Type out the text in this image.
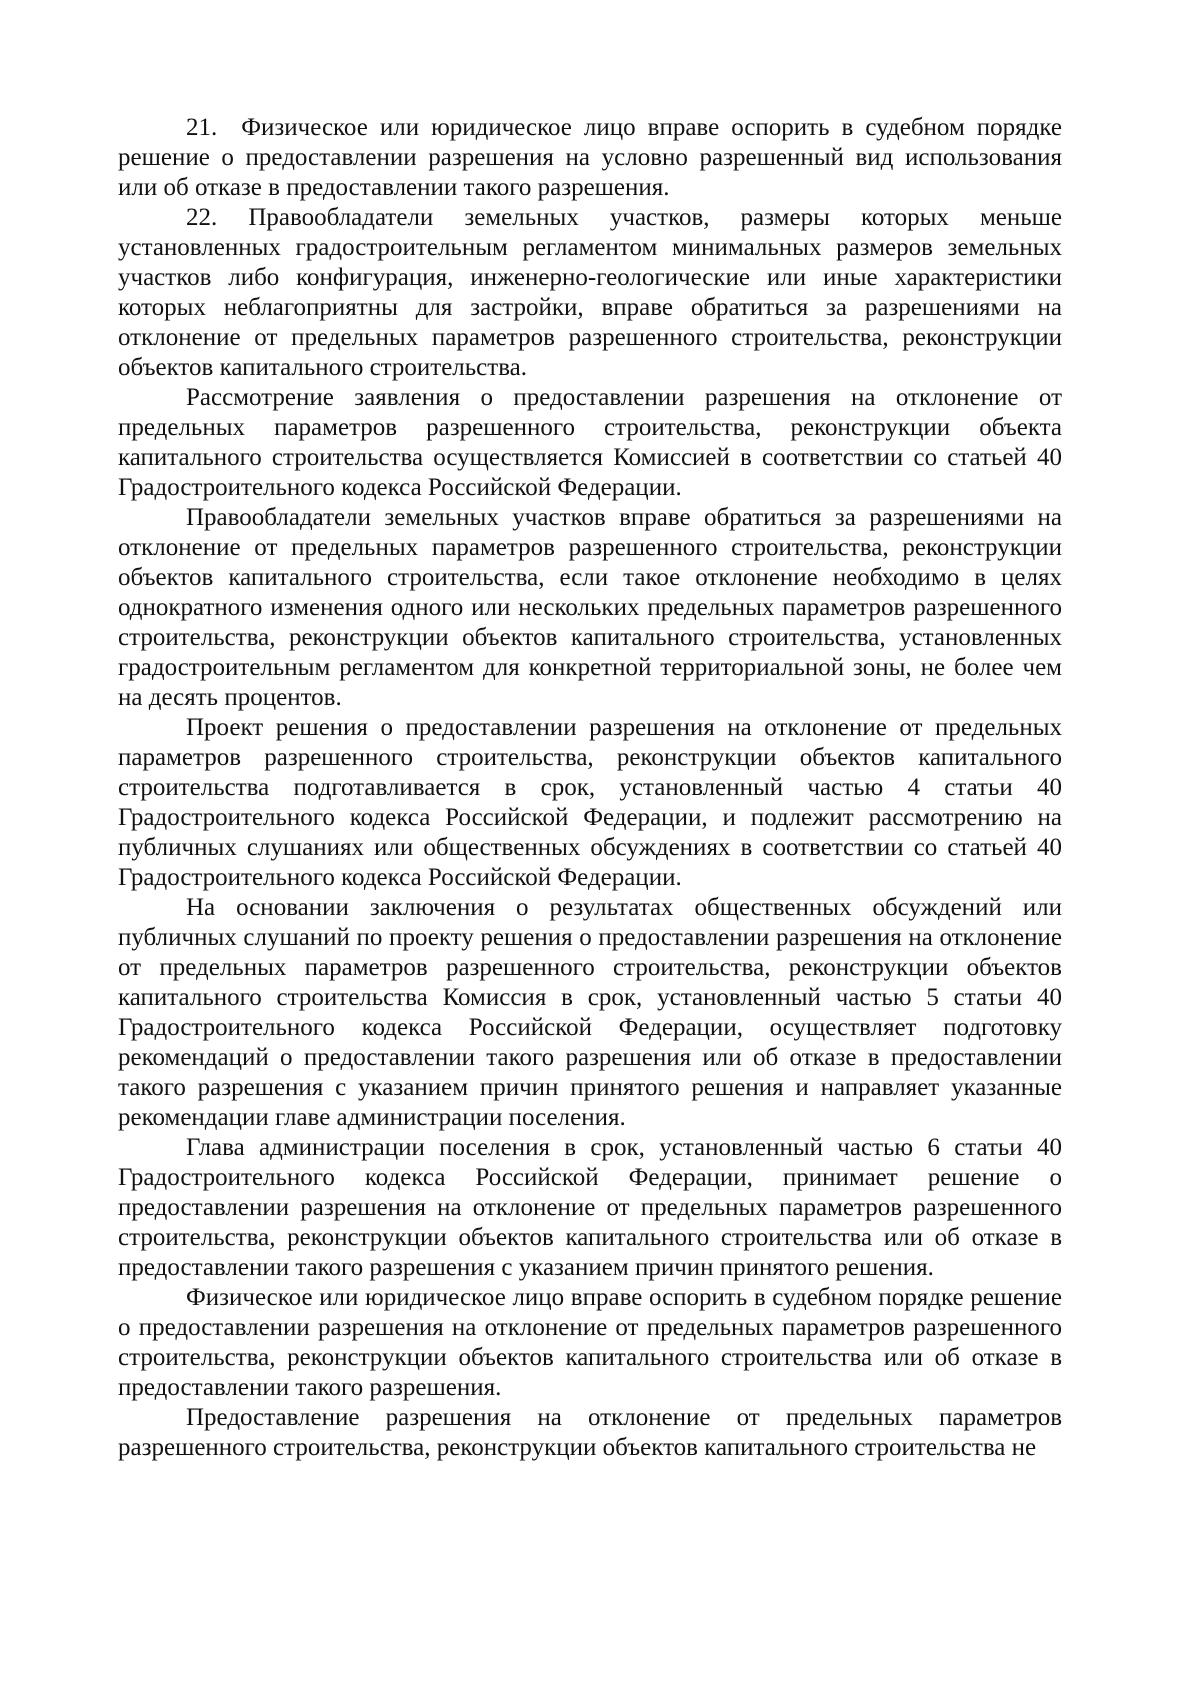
21. Физическое или юридическое лицо вправе оспорить в судебном порядке решение о предоставлении разрешения на условно разрешенный вид использования или об отказе в предоставлении такого разрешения.

22. Правообладатели земельных участков, размеры которых меньше установленных градостроительным регламентом минимальных размеров земельных участков либо конфигурация, инженерно-геологические или иные характеристики которых неблагоприятны для застройки, вправе обратиться за разрешениями на отклонение от предельных параметров разрешенного строительства, реконструкции объектов капитального строительства.

Рассмотрение заявления о предоставлении разрешения на отклонение от предельных параметров разрешенного строительства, реконструкции объекта капитального строительства осуществляется Комиссией в соответствии со статьей 40 Градостроительного кодекса Российской Федерации.

Правообладатели земельных участков вправе обратиться за разрешениями на отклонение от предельных параметров разрешенного строительства, реконструкции объектов капитального строительства, если такое отклонение необходимо в целях однократного изменения одного или нескольких предельных параметров разрешенного строительства, реконструкции объектов капитального строительства, установленных градостроительным регламентом для конкретной территориальной зоны, не более чем на десять процентов.

Проект решения о предоставлении разрешения на отклонение от предельных параметров разрешенного строительства, реконструкции объектов капитального строительства подготавливается в срок, установленный частью 4 статьи 40 Градостроительного кодекса Российской Федерации, и подлежит рассмотрению на публичных слушаниях или общественных обсуждениях в соответствии со статьей 40 Градостроительного кодекса Российской Федерации.

На основании заключения о результатах общественных обсуждений или публичных слушаний по проекту решения о предоставлении разрешения на отклонение от предельных параметров разрешенного строительства, реконструкции объектов капитального строительства Комиссия в срок, установленный частью 5 статьи 40 Градостроительного кодекса Российской Федерации, осуществляет подготовку рекомендаций о предоставлении такого разрешения или об отказе в предоставлении такого разрешения с указанием причин принятого решения и направляет указанные рекомендации главе администрации поселения.

Глава администрации поселения в срок, установленный частью 6 статьи 40 Градостроительного кодекса Российской Федерации, принимает решение о предоставлении разрешения на отклонение от предельных параметров разрешенного строительства, реконструкции объектов капитального строительства или об отказе в предоставлении такого разрешения с указанием причин принятого решения.

Физическое или юридическое лицо вправе оспорить в судебном порядке решение о предоставлении разрешения на отклонение от предельных параметров разрешенного строительства, реконструкции объектов капитального строительства или об отказе в предоставлении такого разрешения.

Предоставление разрешения на отклонение от предельных параметров разрешенного строительства, реконструкции объектов капитального строительства не
